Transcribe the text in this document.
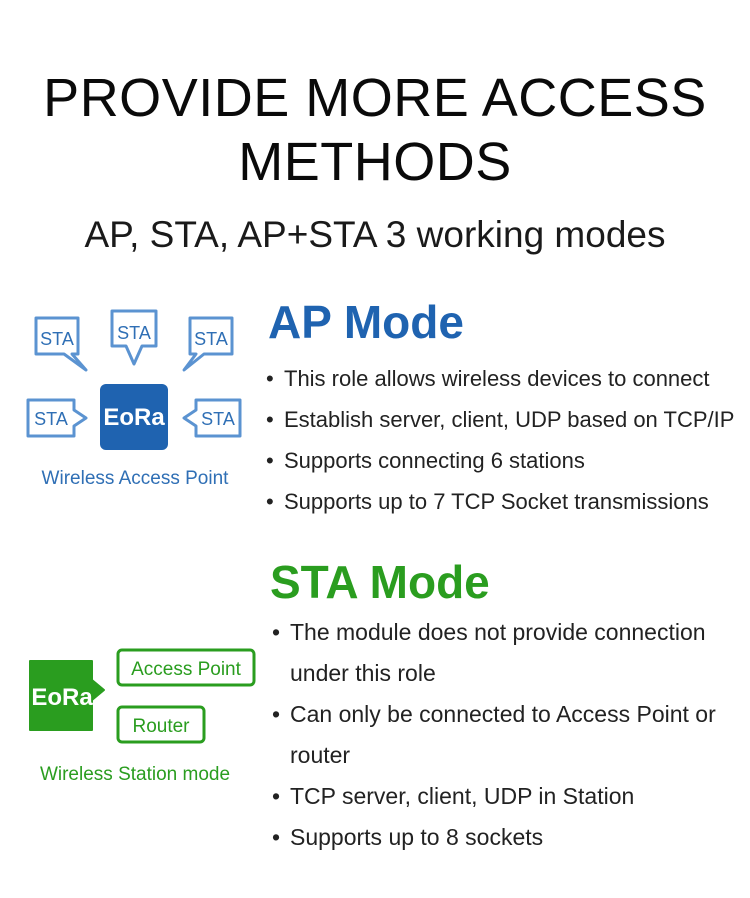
PROVIDE MORE ACCESS
METHODS
AP, STA, AP+STA 3 working modes
STA STA STA
STA	STA
EoRa
Wireless Access Point
AP Mode
• This role allows wireless devices to connect
• Establish server, client, UDP based on TCP/IP
• Supports connecting 6 stations
• Supports up to 7 TCP Socket transmissions
EoRa
Access Point
Router
Wireless Station mode
STA Mode
• The module does not provide connection under this role
• Can only be connected to Access Point or router
• TCP server, client, UDP in Station
• Supports up to 8 sockets
